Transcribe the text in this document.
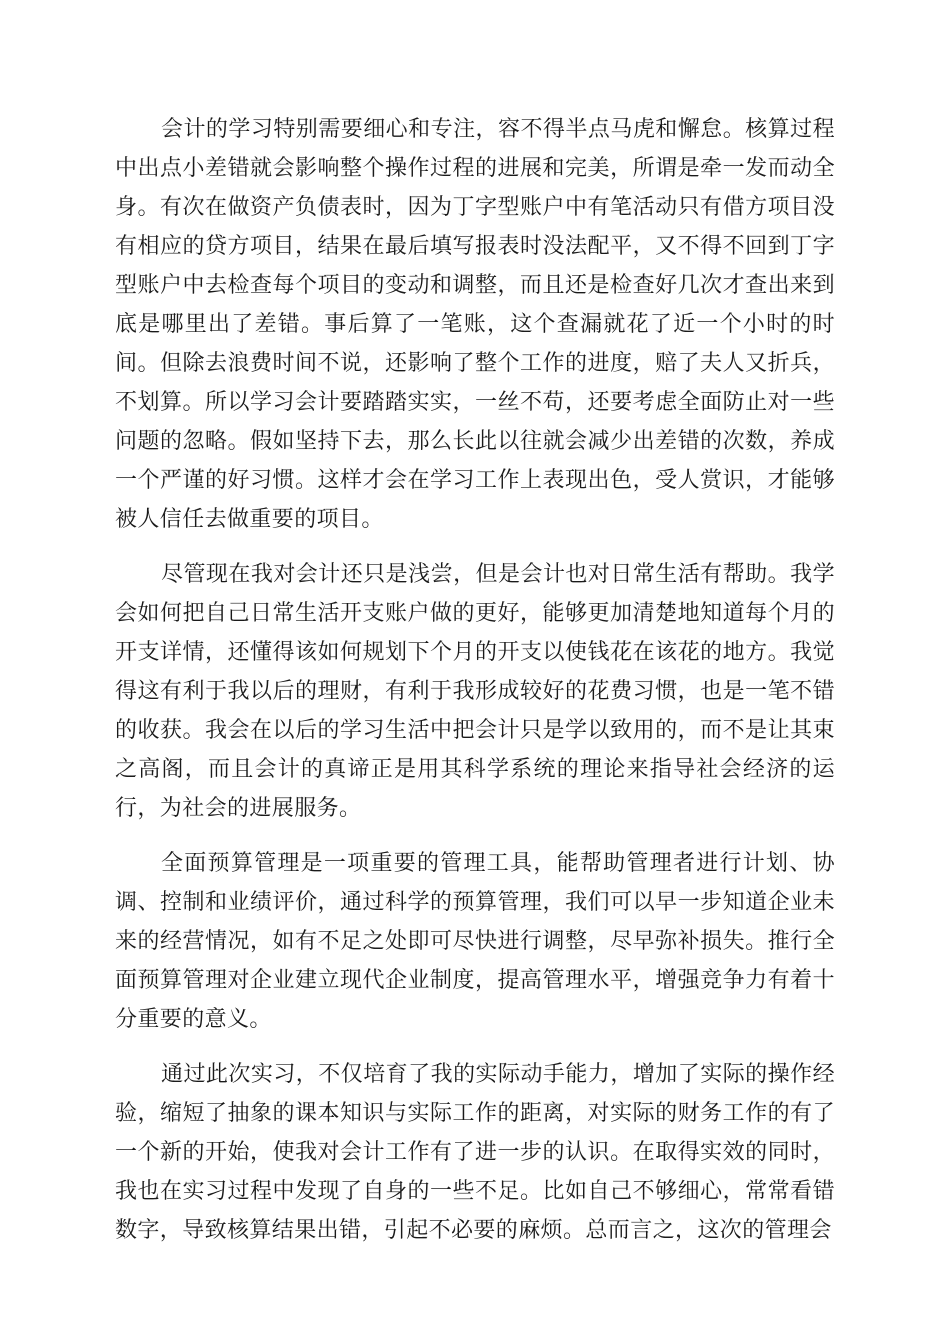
会计的学习特别需要细心和专注，容不得半点马虎和懈怠。核算过程中出点小差错就会影响整个操作过程的进展和完美，所谓是牵一发而动全身。有次在做资产负债表时，因为丁字型账户中有笔活动只有借方项目没有相应的贷方项目，结果在最后填写报表时没法配平，又不得不回到丁字型账户中去检查每个项目的变动和调整，而且还是检查好几次才查出来到底是哪里出了差错。事后算了一笔账，这个查漏就花了近一个小时的时间。但除去浪费时间不说，还影响了整个工作的进度，赔了夫人又折兵，不划算。所以学习会计要踏踏实实，一丝不苟，还要考虑全面防止对一些问题的忽略。假如坚持下去，那么长此以往就会减少出差错的次数，养成一个严谨的好习惯。这样才会在学习工作上表现出色，受人赏识，才能够被人信任去做重要的项目。

尽管现在我对会计还只是浅尝，但是会计也对日常生活有帮助。我学会如何把自己日常生活开支账户做的更好，能够更加清楚地知道每个月的开支详情，还懂得该如何规划下个月的开支以使钱花在该花的地方。我觉得这有利于我以后的理财，有利于我形成较好的花费习惯，也是一笔不错的收获。我会在以后的学习生活中把会计只是学以致用的，而不是让其束之高阁，而且会计的真谛正是用其科学系统的理论来指导社会经济的运行，为社会的进展服务。

全面预算管理是一项重要的管理工具，能帮助管理者进行计划、协调、控制和业绩评价，通过科学的预算管理，我们可以早一步知道企业未来的经营情况，如有不足之处即可尽快进行调整，尽早弥补损失。推行全面预算管理对企业建立现代企业制度，提高管理水平，增强竞争力有着十分重要的意义。

通过此次实习，不仅培育了我的实际动手能力，增加了实际的操作经验，缩短了抽象的课本知识与实际工作的距离，对实际的财务工作的有了一个新的开始，使我对会计工作有了进一步的认识。在取得实效的同时，我也在实习过程中发现了自身的一些不足。比如自己不够细心，常常看错数字，导致核算结果出错，引起不必要的麻烦。总而言之，这次的管理会
